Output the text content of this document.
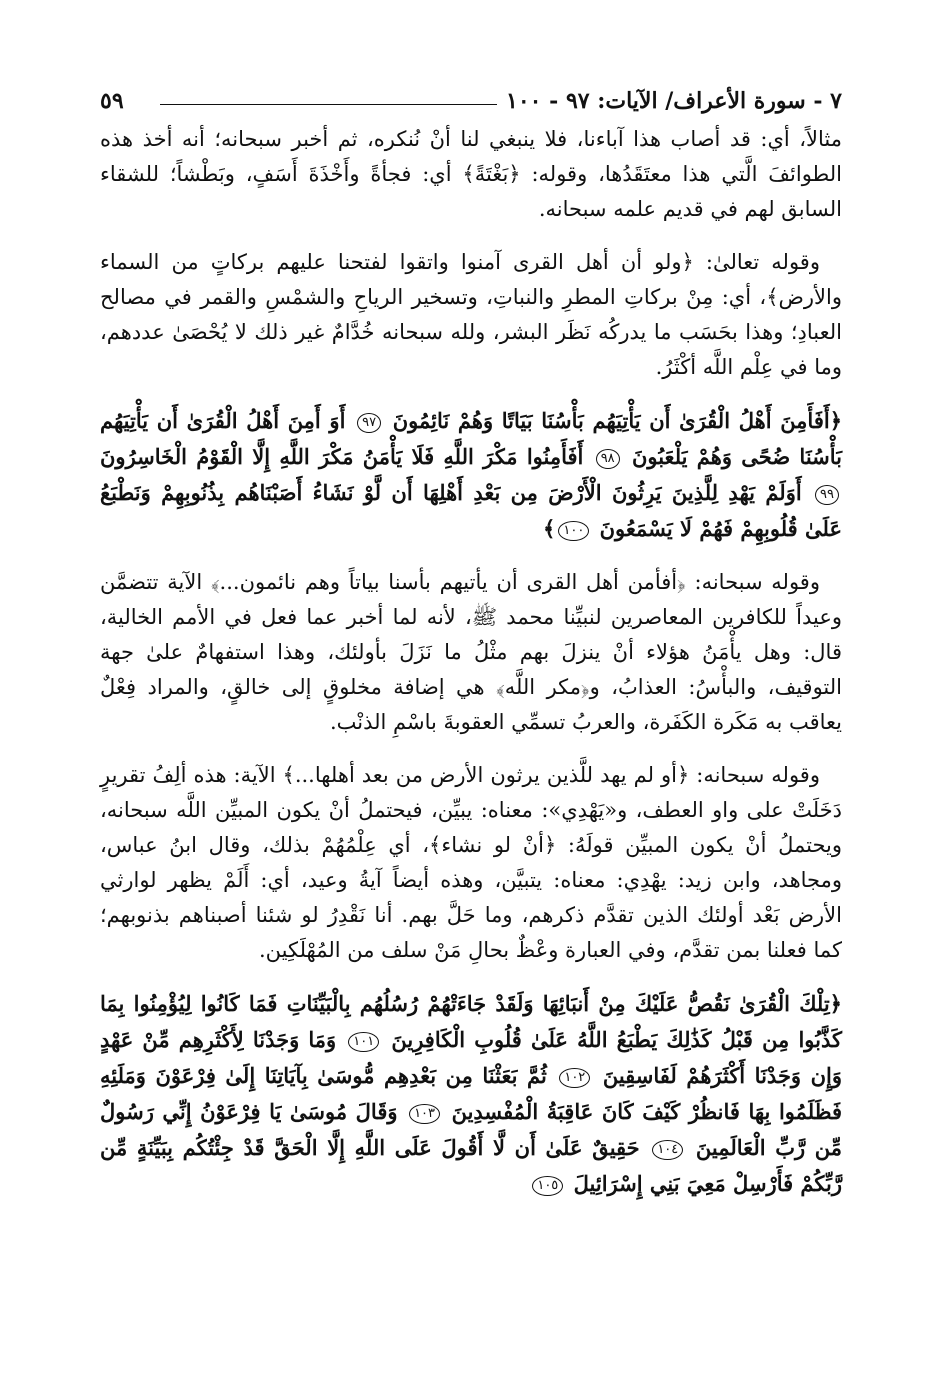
٧ - سورة الأعراف/ الآيات: ٩٧ - ١٠٠
٥٩

مثالاً، أي: قد أصاب هذا آباءنا، فلا ينبغي لنا أنْ نُنكره، ثم أخبر سبحانه؛ أنه أخذ هذه الطوائفَ الَّتي هذا معتَقَدُها، وقوله: ﴿بَغْتَةً﴾ أي: فجأةً وأَخْذَةَ أَسَفٍ، وبَطْشاً؛ للشقاء السابق لهم في قديم علمه سبحانه.

وقوله تعالىٰ: ﴿ولو أن أهل القرى آمنوا واتقوا لفتحنا عليهم بركاتٍ من السماء والأرض﴾، أي: مِنْ بركاتِ المطرِ والنباتِ، وتسخير الرياحِ والشمْسِ والقمر في مصالح العبادِ؛ وهذا بحَسَب ما يدركُه نَظَر البشر، ولله سبحانه خُدَّامٌ غير ذلك لا يُحْصَىٰ عددهم، وما في عِلْم اللَّه أكْثَرُ.

﴿أَفَأَمِنَ أَهْلُ الْقُرَىٰ أَن يَأْتِيَهُم بَأْسُنَا بَيَاتًا وَهُمْ نَائِمُونَ ٩٧ أَوَ أَمِنَ أَهْلُ الْقُرَىٰ أَن يَأْتِيَهُم بَأْسُنَا ضُحًى وَهُمْ يَلْعَبُونَ ٩٨ أَفَأَمِنُوا مَكْرَ اللَّهِ فَلَا يَأْمَنُ مَكْرَ اللَّهِ إِلَّا الْقَوْمُ الْخَاسِرُونَ ٩٩ أَوَلَمْ يَهْدِ لِلَّذِينَ يَرِثُونَ الْأَرْضَ مِن بَعْدِ أَهْلِهَا أَن لَّوْ نَشَاءُ أَصَبْنَاهُم بِذُنُوبِهِمْ وَنَطْبَعُ عَلَىٰ قُلُوبِهِمْ فَهُمْ لَا يَسْمَعُونَ ١٠٠﴾

وقوله سبحانه: ﴿أفأمن أهل القرى أن يأتيهم بأسنا بياتاً وهم نائمون...﴾ الآية تتضمَّن وعيداً للكافرين المعاصرين لنبيِّنا محمد ﷺ، لأنه لما أخبر عما فعل في الأمم الخالية، قال: وهل يأْمَنُ هؤلاء أنْ ينزلَ بهم مثْلُ ما نَزَلَ بأولئك، وهذا استفهامٌ علىٰ جهة التوقيف، والبأْسُ: العذابُ، و﴿مكر اللَّه﴾ هي إضافة مخلوقٍ إلى خالقٍ، والمراد فِعْلٌ يعاقب به مَكَرة الكَفَرة، والعربُ تسمِّي العقوبةَ باسْمِ الذنْب.

وقوله سبحانه: ﴿أو لم يهد للَّذين يرثون الأرض من بعد أهلها...﴾ الآية: هذه ألِفُ تقريرٍ دَخَلَتْ على واو العطف، و«يَهْدِي»: معناه: يبيِّن، فيحتملُ أنْ يكون المبيِّن اللَّه سبحانه، ويحتملُ أنْ يكون المبيِّن قولَهُ: ﴿أنْ لو نشاء﴾، أي عِلْمُهُمْ بذلك، وقال ابنُ عباس، ومجاهد، وابن زيد: يهْدِي: معناه: يتبيَّن، وهذه أيضاً آيةُ وعيد، أي: أَلَمْ يظهر لوارثي الأرض بَعْد أولئك الذين تقدَّم ذكرهم، وما حَلَّ بهم. أنا نَقْدِرُ لو شئنا أصبناهم بذنوبهم؛ كما فعلنا بمن تقدَّم، وفي العبارة وعْظٌ بحالِ مَنْ سلف من المُهْلَكِين.

﴿تِلْكَ الْقُرَىٰ نَقُصُّ عَلَيْكَ مِنْ أَنبَائِهَا وَلَقَدْ جَاءَتْهُمْ رُسُلُهُم بِالْبَيِّنَاتِ فَمَا كَانُوا لِيُؤْمِنُوا بِمَا كَذَّبُوا مِن قَبْلُ كَذَٰلِكَ يَطْبَعُ اللَّهُ عَلَىٰ قُلُوبِ الْكَافِرِينَ ١٠١ وَمَا وَجَدْنَا لِأَكْثَرِهِم مِّنْ عَهْدٍ وَإِن وَجَدْنَا أَكْثَرَهُمْ لَفَاسِقِينَ ١٠٢ ثُمَّ بَعَثْنَا مِن بَعْدِهِم مُّوسَىٰ بِآيَاتِنَا إِلَىٰ فِرْعَوْنَ وَمَلَئِهِ فَظَلَمُوا بِهَا فَانظُرْ كَيْفَ كَانَ عَاقِبَةُ الْمُفْسِدِينَ ١٠٣ وَقَالَ مُوسَىٰ يَا فِرْعَوْنُ إِنِّي رَسُولٌ مِّن رَّبِّ الْعَالَمِينَ ١٠٤ حَقِيقٌ عَلَىٰ أَن لَّا أَقُولَ عَلَى اللَّهِ إِلَّا الْحَقَّ قَدْ جِئْتُكُم بِبَيِّنَةٍ مِّن رَّبِّكُمْ فَأَرْسِلْ مَعِيَ بَنِي إِسْرَائِيلَ ١٠٥
